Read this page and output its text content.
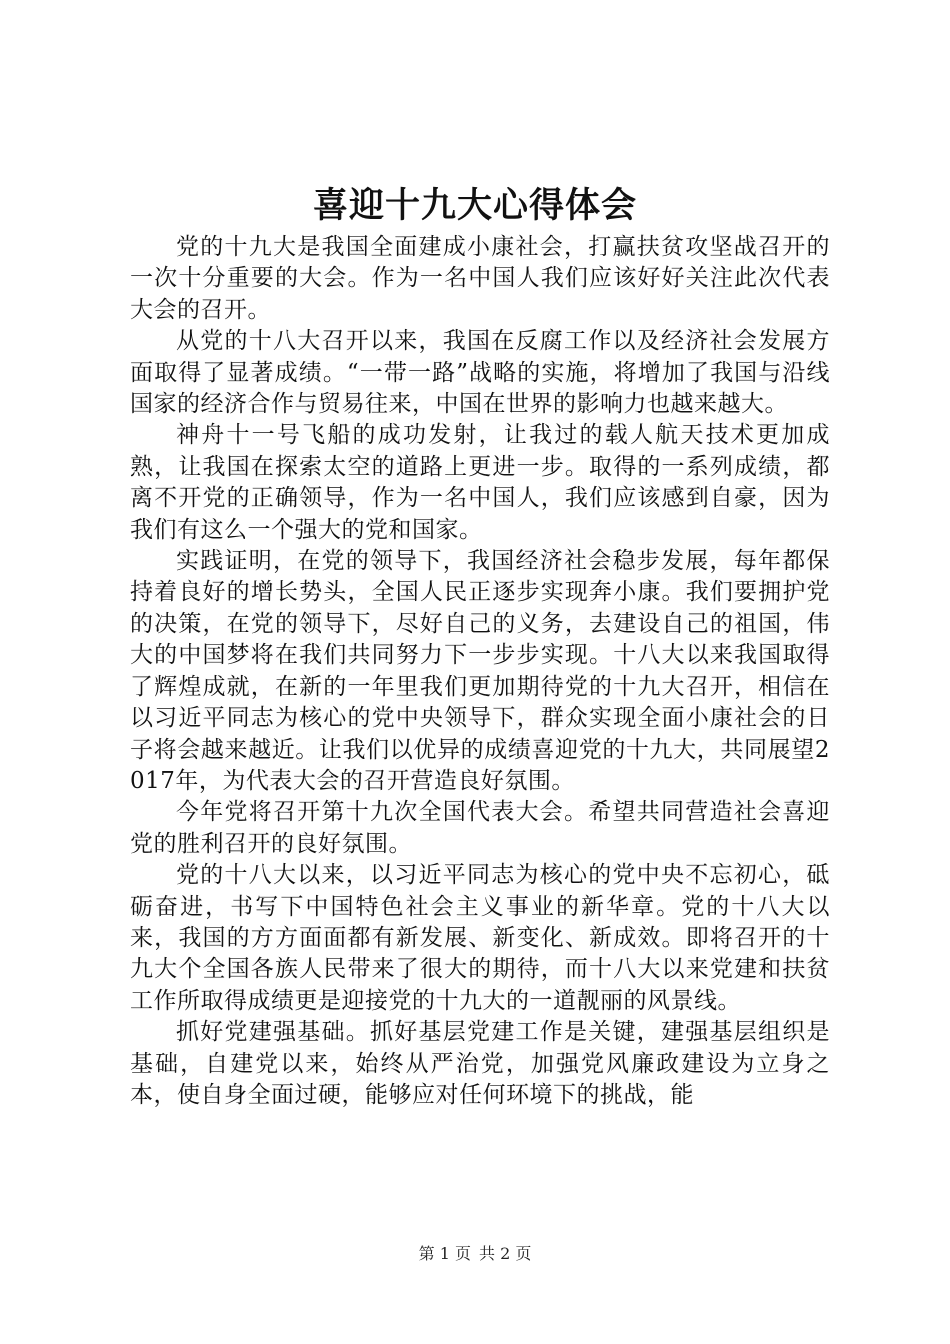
喜迎十九大心得体会

党的十九大是我国全面建成小康社会，打赢扶贫攻坚战召开的一次十分重要的大会。作为一名中国人我们应该好好关注此次代表大会的召开。

从党的十八大召开以来，我国在反腐工作以及经济社会发展方面取得了显著成绩。“一带一路”战略的实施，将增加了我国与沿线国家的经济合作与贸易往来，中国在世界的影响力也越来越大。

神舟十一号飞船的成功发射，让我过的载人航天技术更加成熟，让我国在探索太空的道路上更进一步。取得的一系列成绩，都离不开党的正确领导，作为一名中国人，我们应该感到自豪，因为我们有这么一个强大的党和国家。

实践证明，在党的领导下，我国经济社会稳步发展，每年都保持着良好的增长势头，全国人民正逐步实现奔小康。我们要拥护党的决策，在党的领导下，尽好自己的义务，去建设自己的祖国，伟大的中国梦将在我们共同努力下一步步实现。十八大以来我国取得了辉煌成就，在新的一年里我们更加期待党的十九大召开，相信在以习近平同志为核心的党中央领导下，群众实现全面小康社会的日子将会越来越近。让我们以优异的成绩喜迎党的十九大，共同展望2017年，为代表大会的召开营造良好氛围。

今年党将召开第十九次全国代表大会。希望共同营造社会喜迎党的胜利召开的良好氛围。

党的十八大以来，以习近平同志为核心的党中央不忘初心，砥砺奋进，书写下中国特色社会主义事业的新华章。党的十八大以来，我国的方方面面都有新发展、新变化、新成效。即将召开的十九大个全国各族人民带来了很大的期待，而十八大以来党建和扶贫工作所取得成绩更是迎接党的十九大的一道靓丽的风景线。

抓好党建强基础。抓好基层党建工作是关键，建强基层组织是基础，自建党以来，始终从严治党，加强党风廉政建设为立身之本，使自身全面过硬，能够应对任何环境下的挑战，能

第 1 页 共 2 页
